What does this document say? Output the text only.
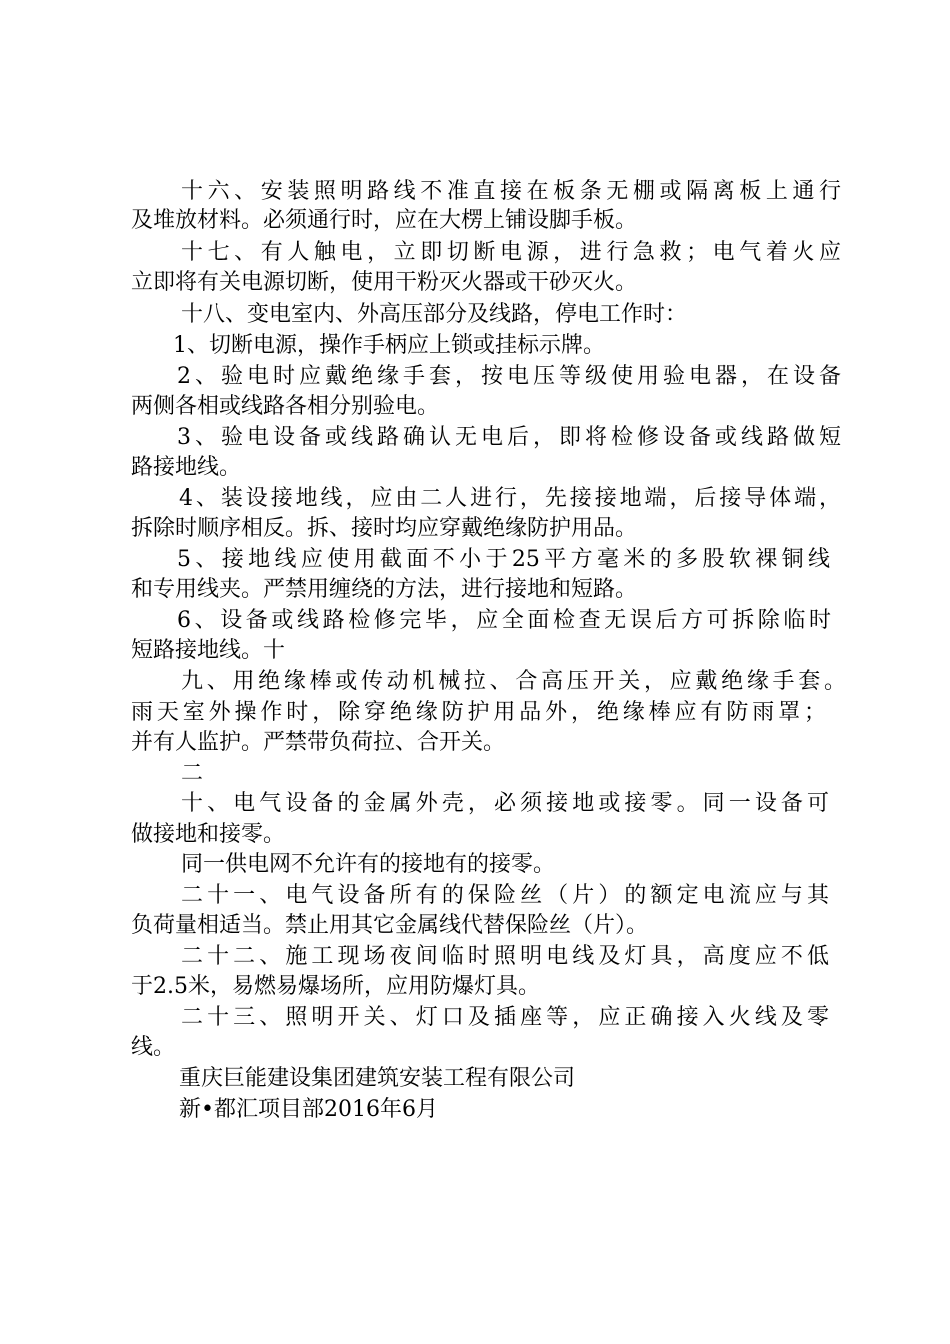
十六、安装照明路线不准直接在板条无棚或隔离板上通行
及堆放材料。必须通行时，应在大楞上铺设脚手板。
十七、有人触电，立即切断电源，进行急救；电气着火应
立即将有关电源切断，使用干粉灭火器或干砂灭火。
十八、变电室内、外高压部分及线路，停电工作时：
1、切断电源，操作手柄应上锁或挂标示牌。
2、验电时应戴绝缘手套，按电压等级使用验电器，在设备
两侧各相或线路各相分别验电。
3、验电设备或线路确认无电后，即将检修设备或线路做短
路接地线。
4、装设接地线，应由二人进行，先接接地端，后接导体端，
拆除时顺序相反。拆、接时均应穿戴绝缘防护用品。
5、接地线应使用截面不小于25平方毫米的多股软裸铜线
和专用线夹。严禁用缠绕的方法，进行接地和短路。
6、设备或线路检修完毕，应全面检查无误后方可拆除临时
短路接地线。十
九、用绝缘棒或传动机械拉、合高压开关，应戴绝缘手套。
雨天室外操作时，除穿绝缘防护用品外，绝缘棒应有防雨罩；
并有人监护。严禁带负荷拉、合开关。
二
十、电气设备的金属外壳，必须接地或接零。同一设备可
做接地和接零。
同一供电网不允许有的接地有的接零。
二十一、电气设备所有的保险丝（片）的额定电流应与其
负荷量相适当。禁止用其它金属线代替保险丝（片）。
二十二、施工现场夜间临时照明电线及灯具，高度应不低
于2.5米，易燃易爆场所，应用防爆灯具。
二十三、照明开关、灯口及插座等，应正确接入火线及零
线。
重庆巨能建设集团建筑安装工程有限公司
新•都汇项目部2016年6月
